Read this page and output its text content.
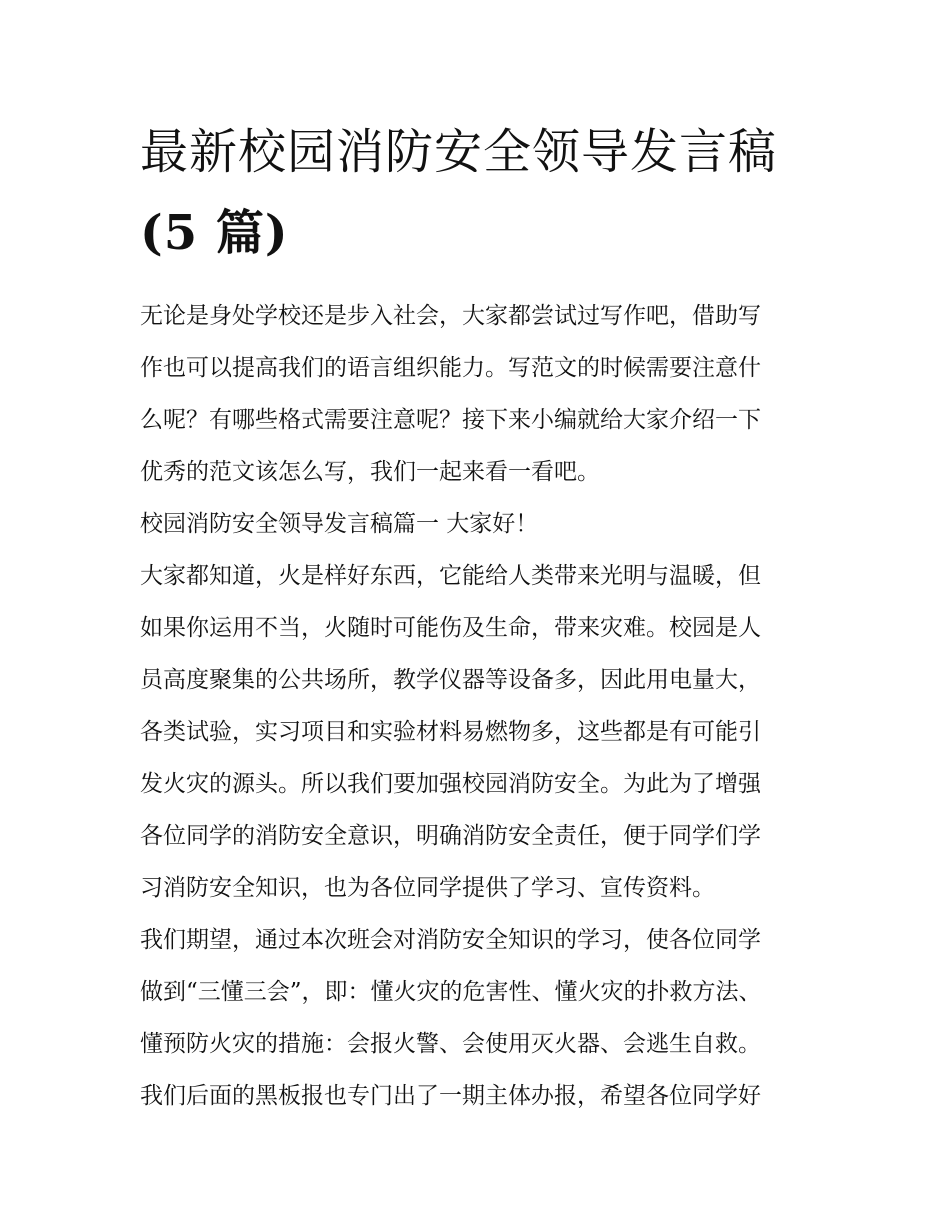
最新校园消防安全领导发言稿
(5 篇)

无论是身处学校还是步入社会，大家都尝试过写作吧，借助写
作也可以提高我们的语言组织能力。写范文的时候需要注意什
么呢？有哪些格式需要注意呢？接下来小编就给大家介绍一下
优秀的范文该怎么写，我们一起来看一看吧。

校园消防安全领导发言稿篇一 大家好！

大家都知道，火是样好东西，它能给人类带来光明与温暖，但
如果你运用不当，火随时可能伤及生命，带来灾难。校园是人
员高度聚集的公共场所，教学仪器等设备多，因此用电量大，
各类试验，实习项目和实验材料易燃物多，这些都是有可能引
发火灾的源头。所以我们要加强校园消防安全。为此为了增强
各位同学的消防安全意识，明确消防安全责任，便于同学们学
习消防安全知识，也为各位同学提供了学习、宣传资料。

我们期望，通过本次班会对消防安全知识的学习，使各位同学
做到“三懂三会”，即：懂火灾的危害性、懂火灾的扑救方法、
懂预防火灾的措施：会报火警、会使用灭火器、会逃生自救。
我们后面的黑板报也专门出了一期主体办报，希望各位同学好
